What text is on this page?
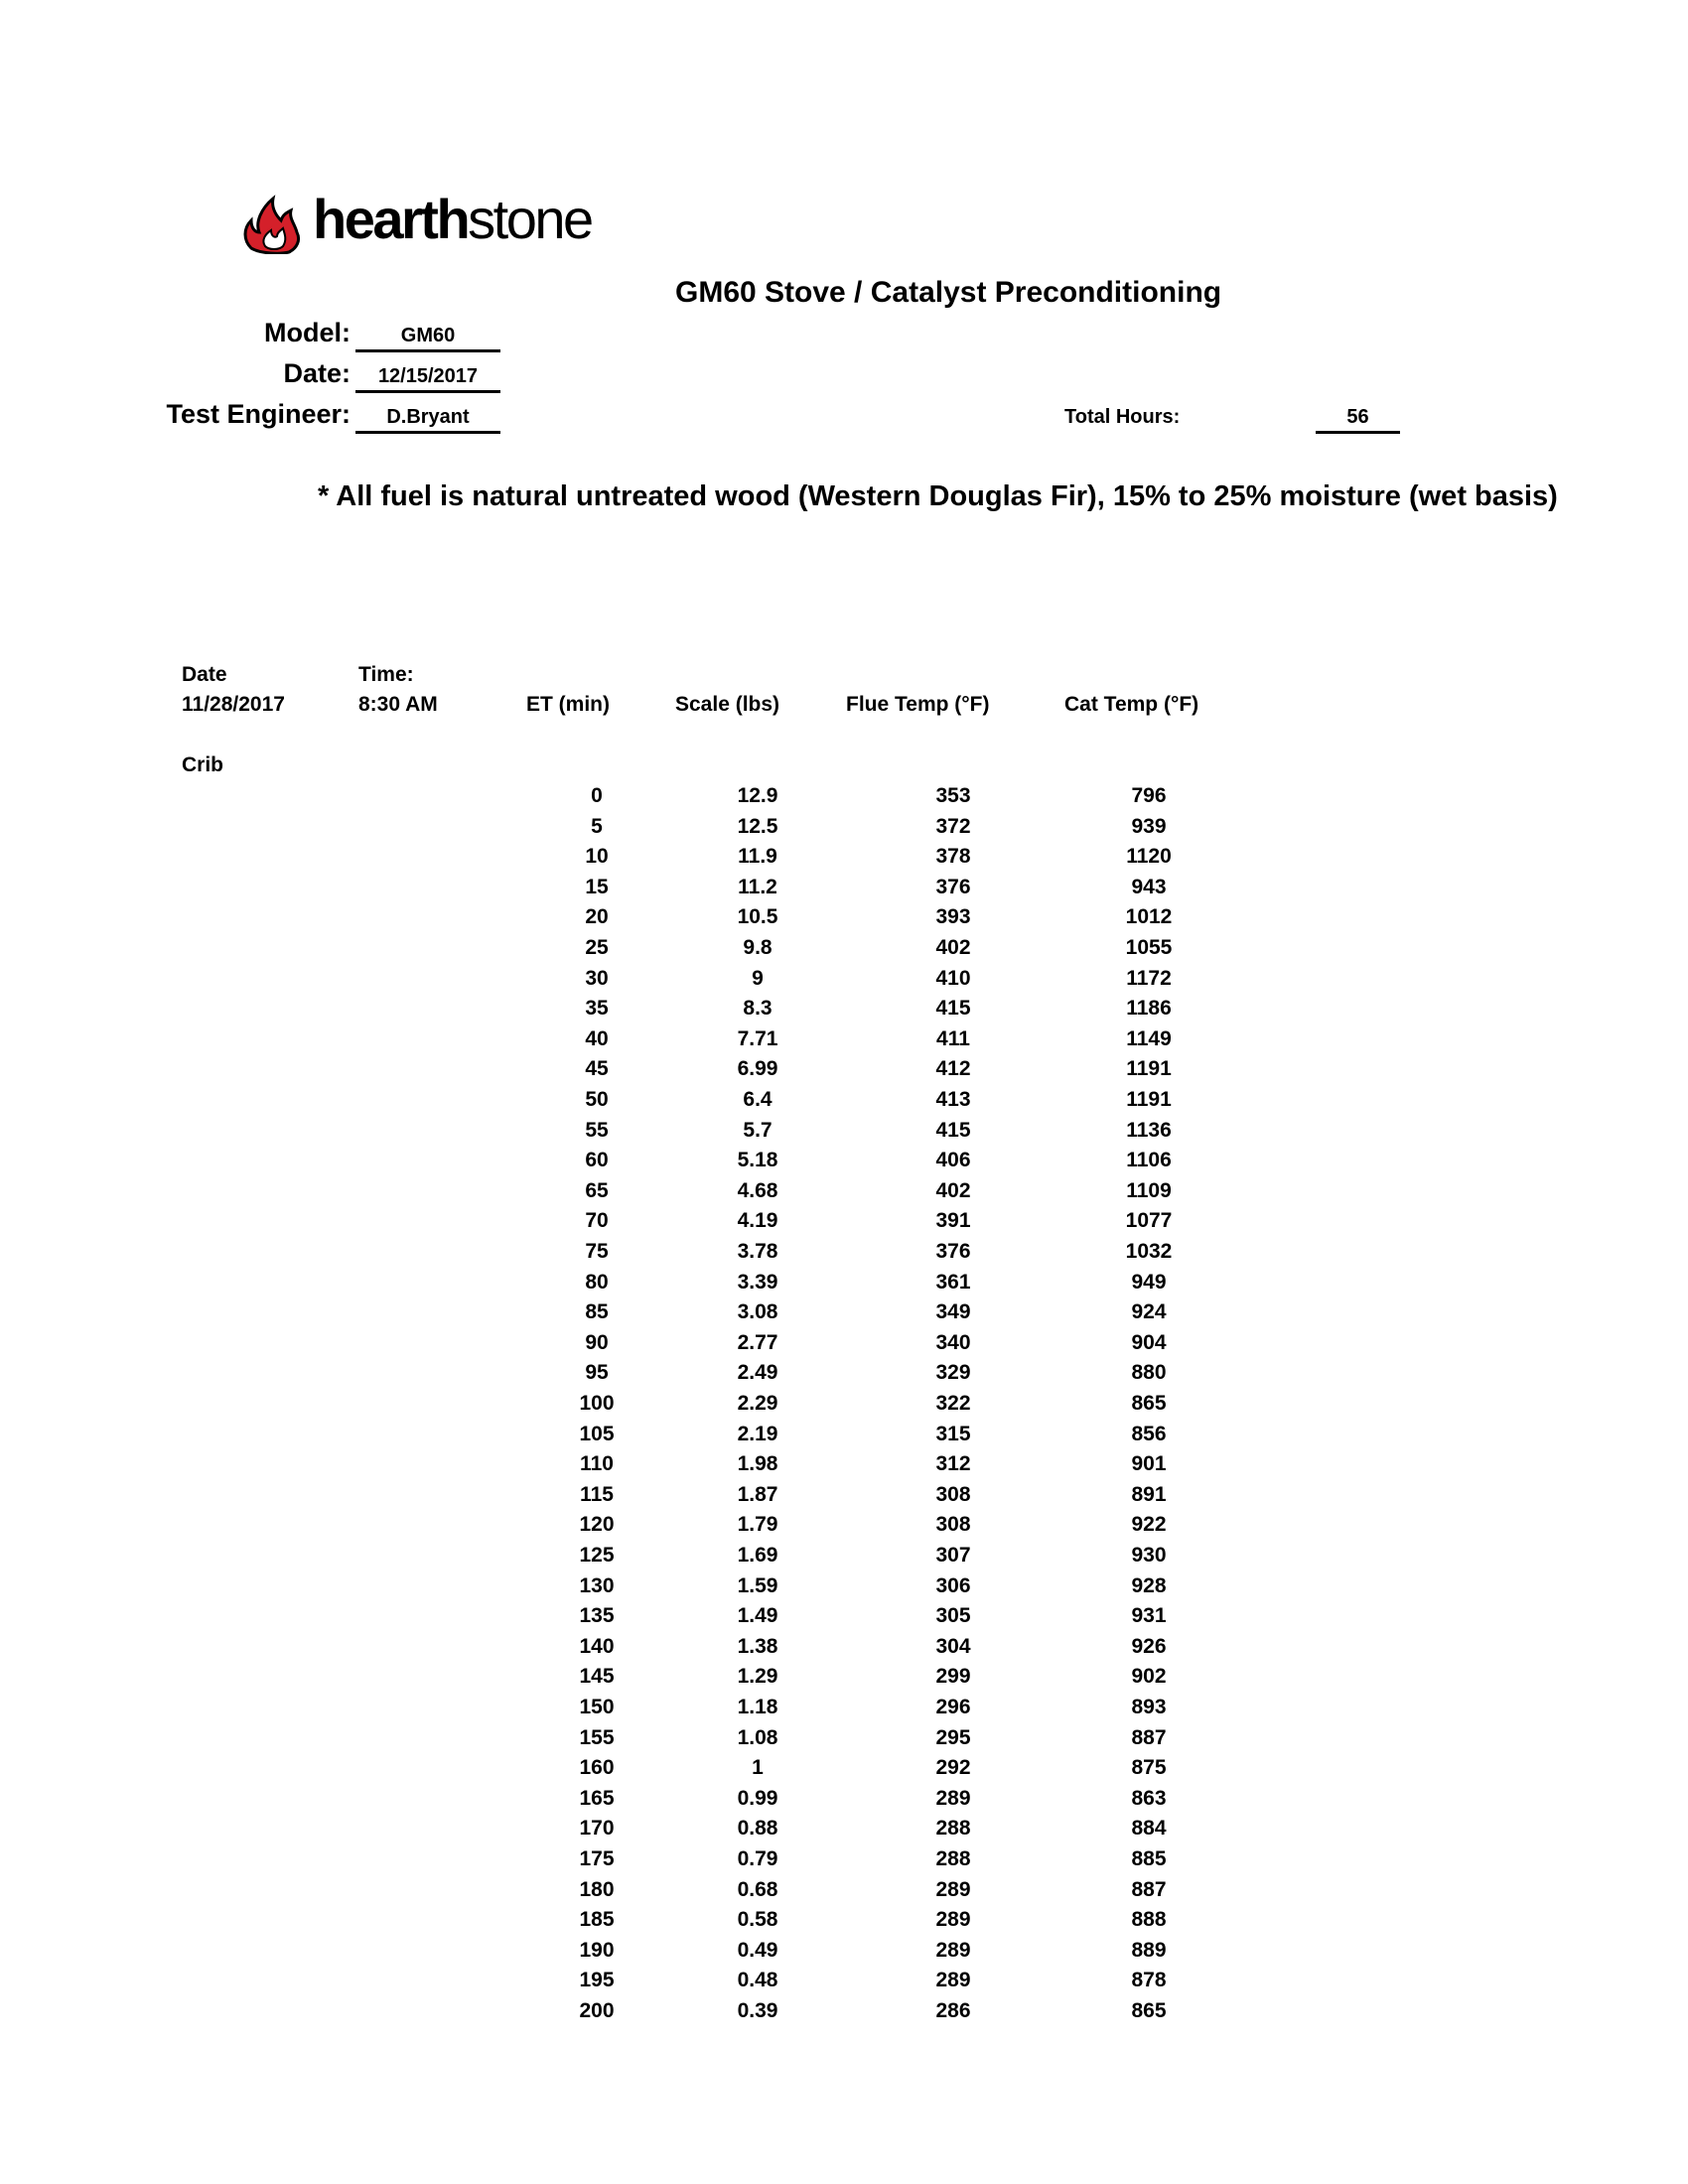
hearthstone
GM60 Stove / Catalyst Preconditioning
Model:	GM60
Date:	12/15/2017
Test Engineer:	D.Bryant	Total Hours:	56
* All fuel is natural untreated wood (Western Douglas Fir), 15% to 25% moisture (wet basis)
Date
11/28/2017
Time:
8:30 AM
Crib
ET (min)	Scale (lbs)	Flue Temp (°F)	Cat Temp (°F)
0	12.9	353	796
5	12.5	372	939
10	11.9	378	1120
15	11.2	376	943
20	10.5	393	1012
25	9.8	402	1055
30	9	410	1172
35	8.3	415	1186
40	7.71	411	1149
45	6.99	412	1191
50	6.4	413	1191
55	5.7	415	1136
60	5.18	406	1106
65	4.68	402	1109
70	4.19	391	1077
75	3.78	376	1032
80	3.39	361	949
85	3.08	349	924
90	2.77	340	904
95	2.49	329	880
100	2.29	322	865
105	2.19	315	856
110	1.98	312	901
115	1.87	308	891
120	1.79	308	922
125	1.69	307	930
130	1.59	306	928
135	1.49	305	931
140	1.38	304	926
145	1.29	299	902
150	1.18	296	893
155	1.08	295	887
160	1	292	875
165	0.99	289	863
170	0.88	288	884
175	0.79	288	885
180	0.68	289	887
185	0.58	289	888
190	0.49	289	889
195	0.48	289	878
200	0.39	286	865
